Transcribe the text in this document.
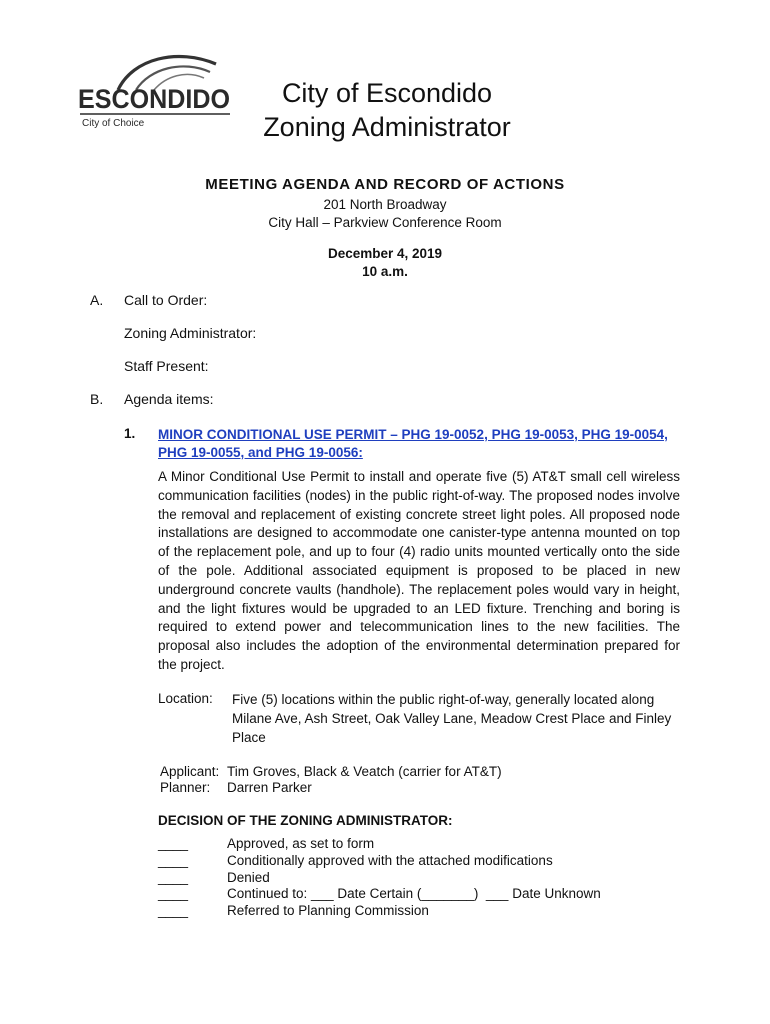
ESCONDIDO
City of Choice
City of Escondido
Zoning Administrator
MEETING AGENDA AND RECORD OF ACTIONS
201 North Broadway
City Hall – Parkview Conference Room
December 4, 2019
10 a.m.
A. Call to Order:
Zoning Administrator:
Staff Present:
B. Agenda items:
1. MINOR CONDITIONAL USE PERMIT – PHG 19-0052, PHG 19-0053, PHG 19-0054, PHG 19-0055, and PHG 19-0056:
A Minor Conditional Use Permit to install and operate five (5) AT&T small cell wireless communication facilities (nodes) in the public right-of-way. The proposed nodes involve the removal and replacement of existing concrete street light poles. All proposed node installations are designed to accommodate one canister-type antenna mounted on top of the replacement pole, and up to four (4) radio units mounted vertically onto the side of the pole. Additional associated equipment is proposed to be placed in new underground concrete vaults (handhole). The replacement poles would vary in height, and the light fixtures would be upgraded to an LED fixture. Trenching and boring is required to extend power and telecommunication lines to the new facilities. The proposal also includes the adoption of the environmental determination prepared for the project.
Location: Five (5) locations within the public right-of-way, generally located along Milane Ave, Ash Street, Oak Valley Lane, Meadow Crest Place and Finley Place
Applicant: Tim Groves, Black & Veatch (carrier for AT&T)
Planner: Darren Parker
DECISION OF THE ZONING ADMINISTRATOR:
____	Approved, as set to form
____	Conditionally approved with the attached modifications
____	Denied
____	Continued to: ___ Date Certain (_______)  ___ Date Unknown
____	Referred to Planning Commission
